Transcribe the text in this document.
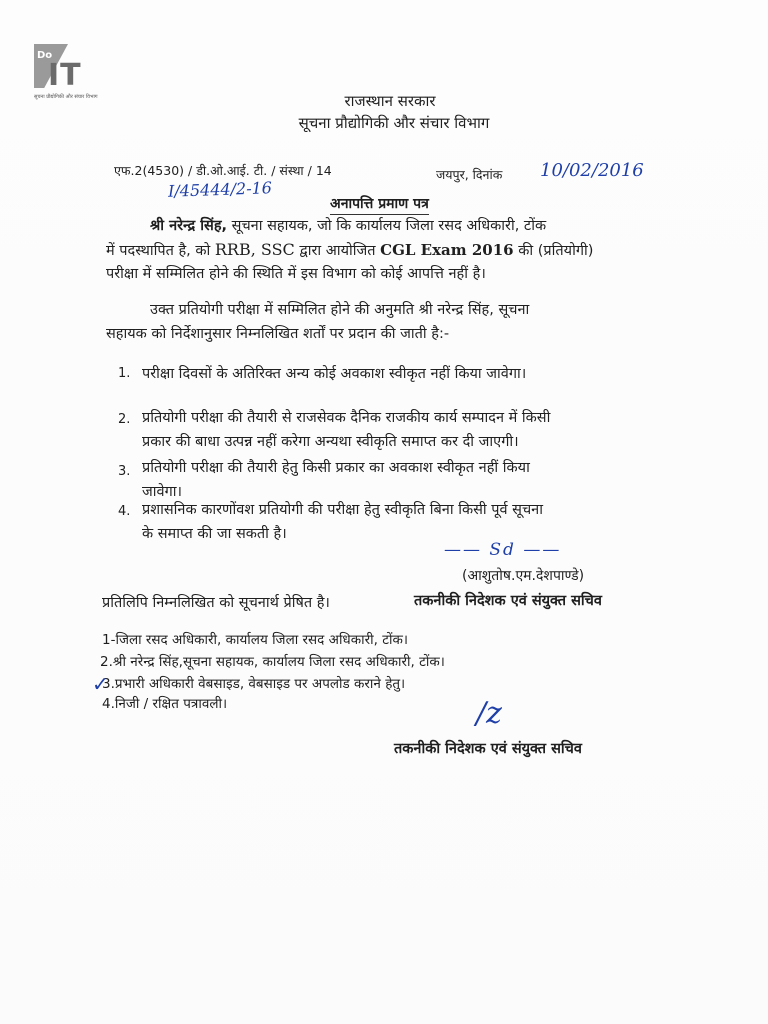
Do
IT
सूचना प्रौद्योगिकी और संचार विभाग	राजस्थान सरकार
सूचना प्रौद्योगिकी और संचार विभाग
एफ.2(4530) / डी.ओ.आई. टी. / संस्था / 14
I/45444/2-16
जयपुर, दिनांक 10/02/2016
अनापत्ति प्रमाण पत्र
श्री नरेन्द्र सिंह, सूचना सहायक, जो कि कार्यालय जिला रसद अधिकारी, टोंक
में पदस्थापित है, को RRB, SSC द्वारा आयोजित CGL Exam 2016 की (प्रतियोगी)
परीक्षा में सम्मिलित होने की स्थिति में इस विभाग को कोई आपत्ति नहीं है।
उक्त प्रतियोगी परीक्षा में सम्मिलित होने की अनुमति श्री नरेन्द्र सिंह, सूचना
सहायक को निर्देशानुसार निम्नलिखित शर्तों पर प्रदान की जाती है:-
1. परीक्षा दिवसों के अतिरिक्त अन्य कोई अवकाश स्वीकृत नहीं किया जावेगा।
2. प्रतियोगी परीक्षा की तैयारी से राजसेवक दैनिक राजकीय कार्य सम्पादन में किसी
प्रकार की बाधा उत्पन्न नहीं करेगा अन्यथा स्वीकृति समाप्त कर दी जाएगी।
3. प्रतियोगी परीक्षा की तैयारी हेतु किसी प्रकार का अवकाश स्वीकृत नहीं किया
जावेगा।
4. प्रशासनिक कारणोंवश प्रतियोगी की परीक्षा हेतु स्वीकृति बिना किसी पूर्व सूचना
के समाप्त की जा सकती है।
—— Sd ——
(आशुतोष.एम.देशपाण्डे)
तकनीकी निदेशक एवं संयुक्त सचिव
प्रतिलिपि निम्नलिखित को सूचनार्थ प्रेषित है।
1-जिला रसद अधिकारी, कार्यालय जिला रसद अधिकारी, टोंक।
2.श्री नरेन्द्र सिंह,सूचना सहायक, कार्यालय जिला रसद अधिकारी, टोंक।
3.प्रभारी अधिकारी वेबसाइड, वेबसाइड पर अपलोड कराने हेतु।
4.निजी / रक्षित पत्रावली।
✓
/z
तकनीकी निदेशक एवं संयुक्त सचिव
